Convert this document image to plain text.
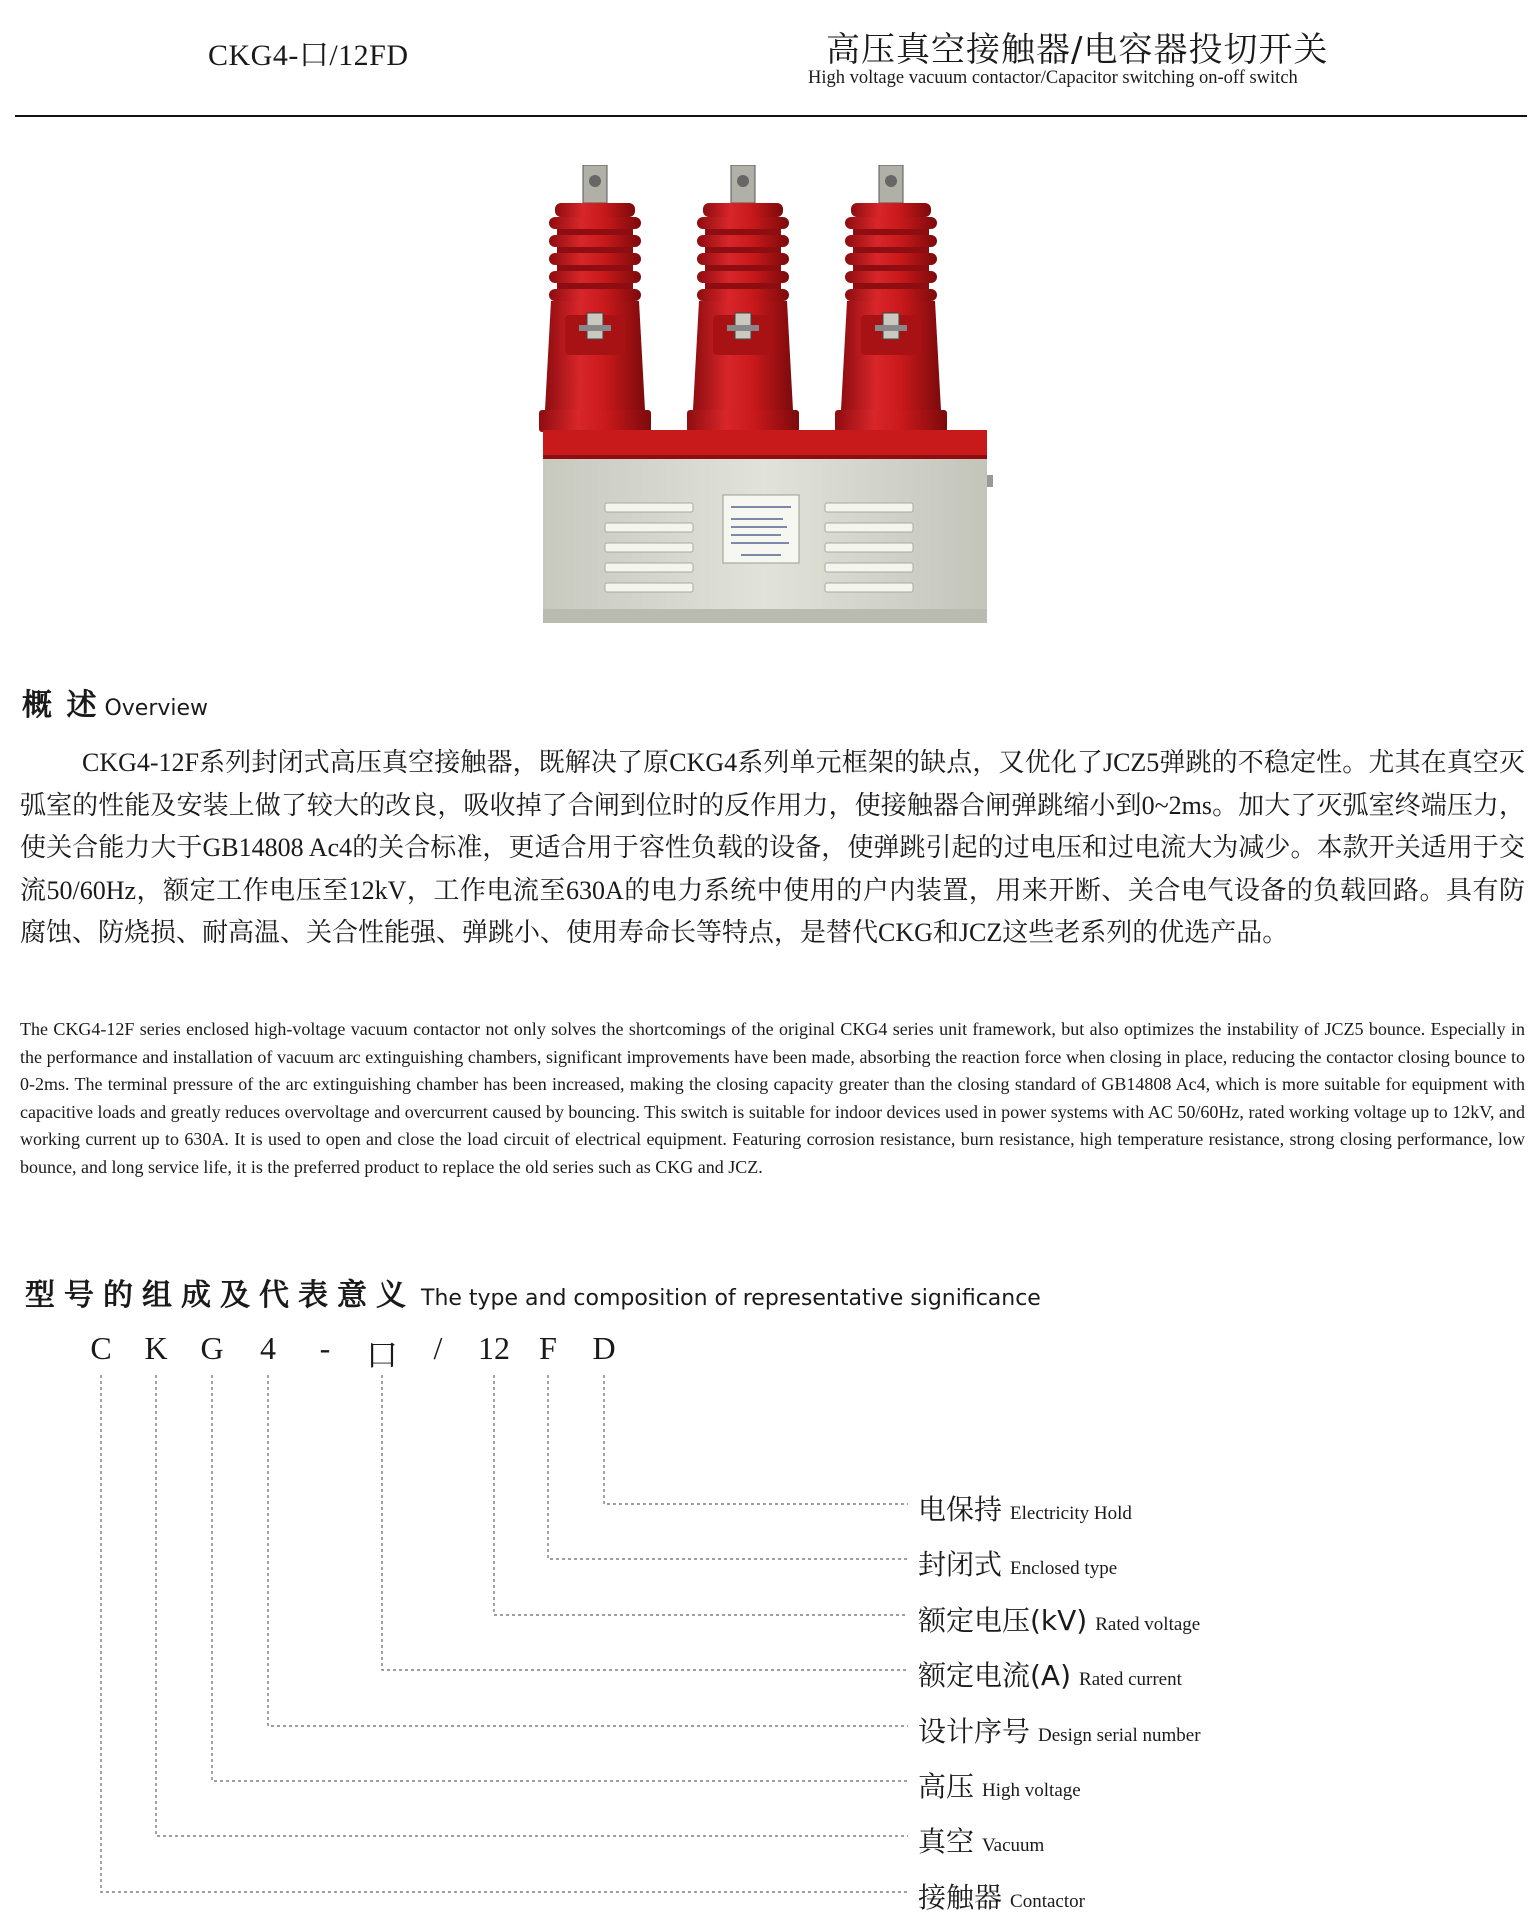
CKG4-口/12FD	高压真空接触器/电容器投切开关
High voltage vacuum contactor/Capacitor switching on-off switch
概 述 Overview
CKG4-12F系列封闭式高压真空接触器，既解决了原CKG4系列单元框架的缺点，又优化了JCZ5弹跳的不稳定性。尤其在真空灭弧室的性能及安装上做了较大的改良，吸收掉了合闸到位时的反作用力，使接触器合闸弹跳缩小到0~2ms。加大了灭弧室终端压力，使关合能力大于GB14808 Ac4的关合标准，更适合用于容性负载的设备，使弹跳引起的过电压和过电流大为减少。本款开关适用于交流50/60Hz，额定工作电压至12kV，工作电流至630A的电力系统中使用的户内装置，用来开断、关合电气设备的负载回路。具有防腐蚀、防烧损、耐高温、关合性能强、弹跳小、使用寿命长等特点，是替代CKG和JCZ这些老系列的优选产品。
The CKG4-12F series enclosed high-voltage vacuum contactor not only solves the shortcomings of the original CKG4 series unit framework, but also optimizes the instability of JCZ5 bounce. Especially in the performance and installation of vacuum arc extinguishing chambers, significant improvements have been made, absorbing the reaction force when closing in place, reducing the contactor closing bounce to 0-2ms. The terminal pressure of the arc extinguishing chamber has been increased, making the closing capacity greater than the closing standard of GB14808 Ac4, which is more suitable for equipment with capacitive loads and greatly reduces overvoltage and overcurrent caused by bouncing. This switch is suitable for indoor devices used in power systems with AC 50/60Hz, rated working voltage up to 12kV, and working current up to 630A. It is used to open and close the load circuit of electrical equipment. Featuring corrosion resistance, burn resistance, high temperature resistance, strong closing performance, low bounce, and long service life, it is the preferred product to replace the old series such as CKG and JCZ.
型号的组成及代表意义 The type and composition of representative significance
C K G	4	-	口	/	12 F	D
电保持 Electricity Hold
封闭式 Enclosed type
额定电压(kV) Rated voltage
额定电流(A) Rated current
设计序号 Design serial number
高压 High voltage
真空 Vacuum
接触器 Contactor
